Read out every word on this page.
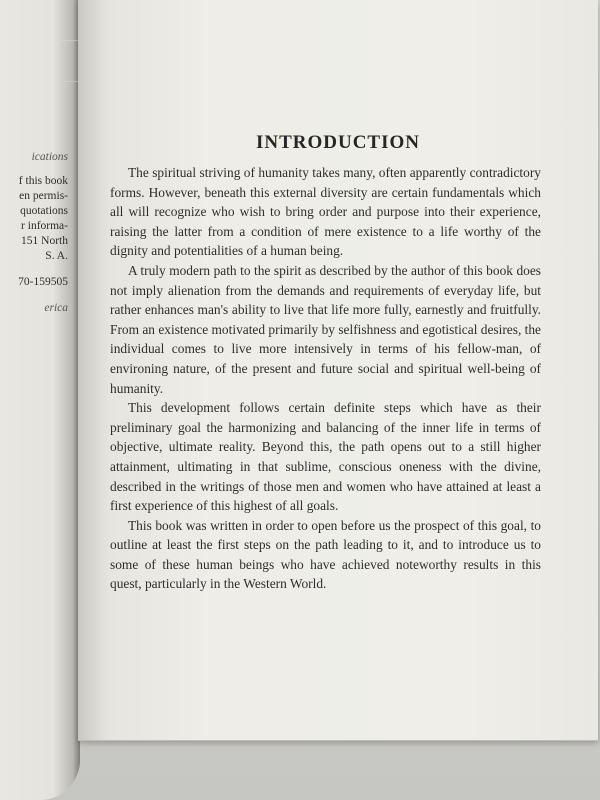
ications
f this book
en permis-
quotations
r informa-
151 North
S. A.
70-159505
erica
INTRODUCTION

The spiritual striving of humanity takes many, often apparently contradictory forms. However, beneath this external diversity are certain fundamentals which all will recognize who wish to bring order and purpose into their experience, raising the latter from a condition of mere existence to a life worthy of the dignity and potentialities of a human being.

A truly modern path to the spirit as described by the author of this book does not imply alienation from the demands and requirements of everyday life, but rather enhances man's ability to live that life more fully, earnestly and fruitfully. From an existence motivated primarily by selfishness and egotistical desires, the individual comes to live more intensively in terms of his fellow-man, of environing nature, of the present and future social and spiritual well-being of humanity.

This development follows certain definite steps which have as their preliminary goal the harmonizing and balancing of the inner life in terms of objective, ultimate reality. Beyond this, the path opens out to a still higher attainment, ultimating in that sublime, conscious oneness with the divine, described in the writings of those men and women who have attained at least a first experience of this highest of all goals.

This book was written in order to open before us the prospect of this goal, to outline at least the first steps on the path leading to it, and to introduce us to some of these human beings who have achieved noteworthy results in this quest, particularly in the Western World.
